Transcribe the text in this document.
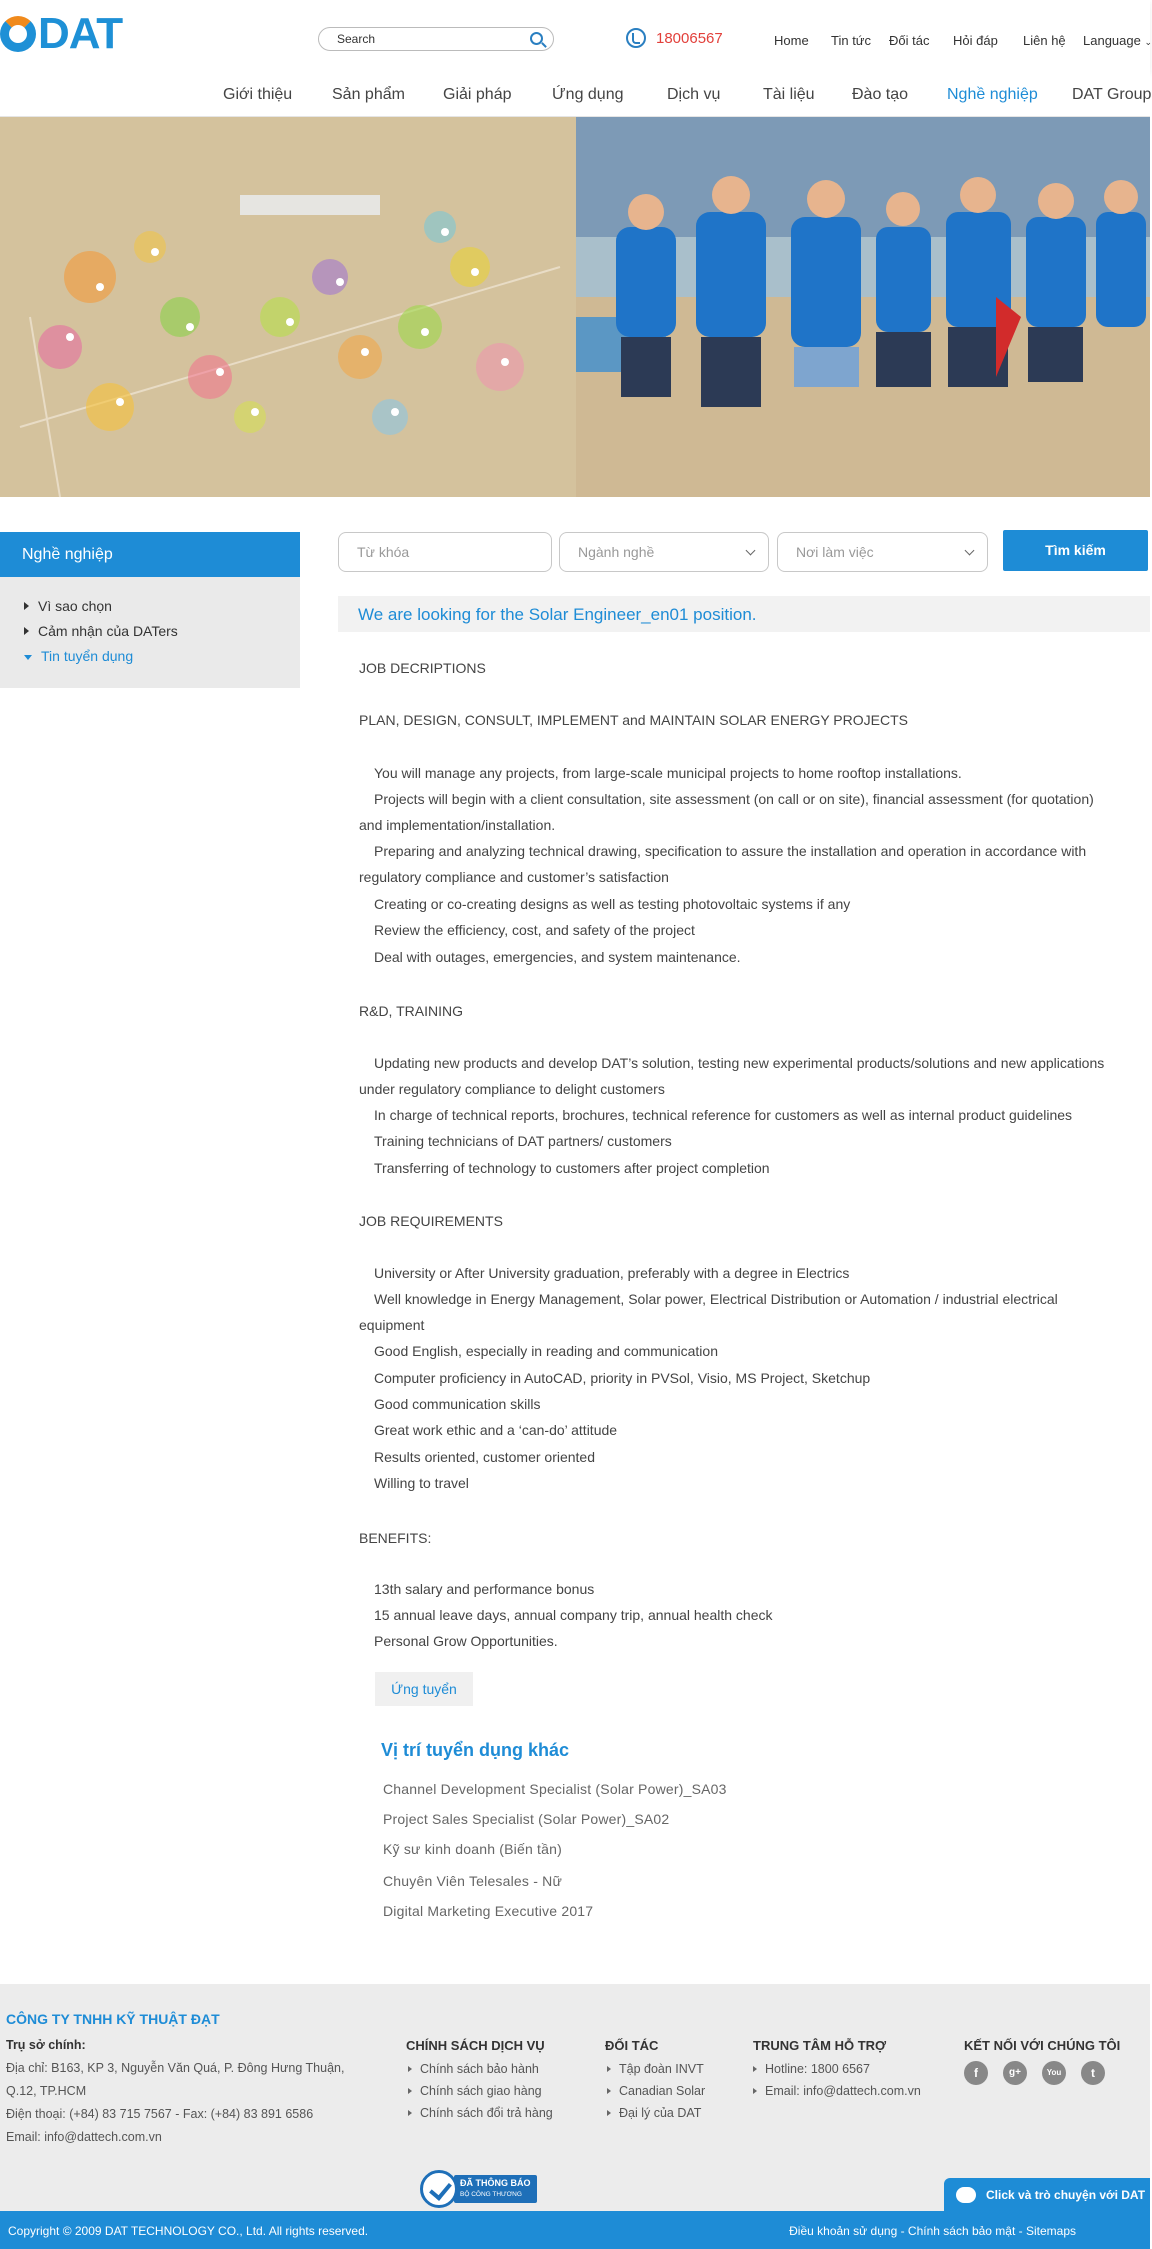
DAT	Search	18006567	Home Tin tức Đối tác Hỏi đáp Liên hệ Language ⌄
Giới thiệu Sản phẩm Giải pháp	Ứng dụng	Dịch vụ	Tài liệu Đào tạo Nghề nghiệp DAT Group
Nghề nghiệp
Vì sao chọn
Cảm nhận của DATers
Tin tuyển dụng
Từ khóa	Ngành nghề	Nơi làm việc	Tìm kiếm
We are looking for the Solar Engineer_en01 position.
JOB DECRIPTIONS
PLAN, DESIGN, CONSULT, IMPLEMENT and MAINTAIN SOLAR ENERGY PROJECTS
You will manage any projects, from large-scale municipal projects to home rooftop installations.
Projects will begin with a client consultation, site assessment (on call or on site), financial assessment (for quotation) and implementation/installation.
Preparing and analyzing technical drawing, specification to assure the installation and operation in accordance with regulatory compliance and customer’s satisfaction
Creating or co-creating designs as well as testing photovoltaic systems if any
Review the efficiency, cost, and safety of the project
Deal with outages, emergencies, and system maintenance.
R&D, TRAINING
Updating new products and develop DAT’s solution, testing new experimental products/solutions and new applications under regulatory compliance to delight customers
In charge of technical reports, brochures, technical reference for customers as well as internal product guidelines
Training technicians of DAT partners/ customers
Transferring of technology to customers after project completion
JOB REQUIREMENTS
University or After University graduation, preferably with a degree in Electrics
Well knowledge in Energy Management, Solar power, Electrical Distribution or Automation / industrial electrical equipment
Good English, especially in reading and communication
Computer proficiency in AutoCAD, priority in PVSol, Visio, MS Project, Sketchup
Good communication skills
Great work ethic and a ‘can-do’ attitude
Results oriented, customer oriented
Willing to travel
BENEFITS:
13th salary and performance bonus
15 annual leave days, annual company trip, annual health check
Personal Grow Opportunities.
Ứng tuyển
Vị trí tuyển dụng khác
Channel Development Specialist (Solar Power)_SA03
Project Sales Specialist (Solar Power)_SA02
Kỹ sư kinh doanh (Biến tần)
Chuyên Viên Telesales - Nữ
Digital Marketing Executive 2017
CÔNG TY TNHH KỸ THUẬT ĐẠT
Trụ sở chính:
Địa chỉ: B163, KP 3, Nguyễn Văn Quá, P. Đông Hưng Thuận,
Q.12, TP.HCM
Điện thoại: (+84) 83 715 7567 - Fax: (+84) 83 891 6586
Email: info@dattech.com.vn
CHÍNH SÁCH DỊCH VỤ
Chính sách bảo hành
Chính sách giao hàng
Chính sách đổi trả hàng
ĐỐI TÁC
Tập đoàn INVT
Canadian Solar
Đại lý của DAT
TRUNG TÂM HỖ TRỢ
Hotline: 1800 6567
Email: info@dattech.com.vn
KẾT NỐI VỚI CHÚNG TÔI
f	g+	You	t
ĐÃ THÔNG BÁO
BỘ CÔNG THƯƠNG	Click và trò chuyện với DAT
Copyright © 2009 DAT TECHNOLOGY CO., Ltd. All rights reserved.	Điều khoản sử dụng - Chính sách bảo mật - Sitemaps
